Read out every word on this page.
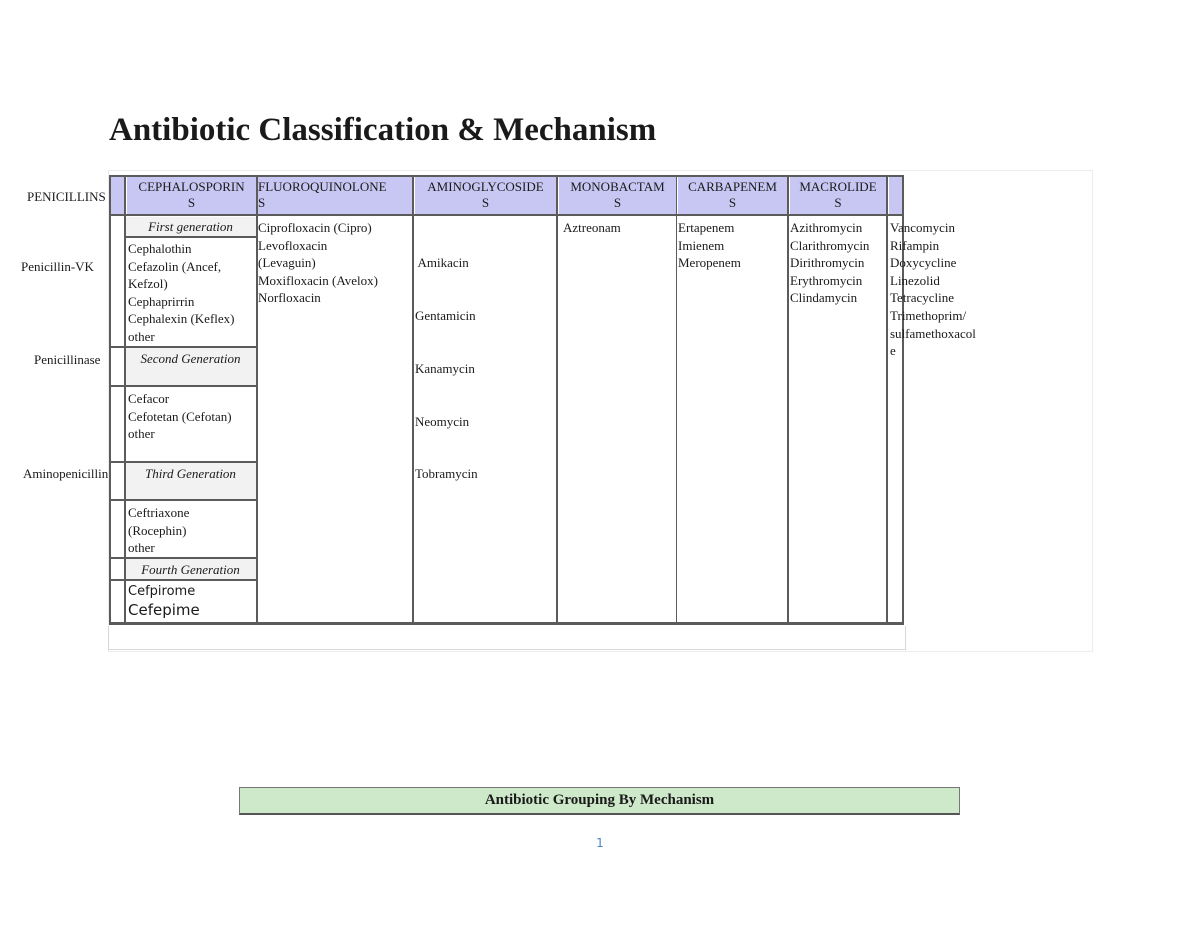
Antibiotic Classification & Mechanism
First generation
Second Generation
Third Generation
Fourth Generation
CEPHALOSPORIN
S
FLUOROQUINOLONE
S
AMINOGLYCOSIDE
S
MONOBACTAM
S
CARBAPENEM
S
MACROLIDE
S
PENICILLINS
Penicillin-VK
Penicillinase
Aminopenicillin
Cephalothin
Cefazolin (Ancef,
Kefzol)
Cephaprirrin
Cephalexin (Keflex)
other
Cefacor
Cefotetan (Cefotan)
other
Ceftriaxone
(Rocephin)
other
Cefpirome
Cefepime
Ciprofloxacin (Cipro)
Levofloxacin
(Levaguin)
Moxifloxacin (Avelox)
Norfloxacin

Amikacin

Gentamicin

Kanamycin

Neomycin

Tobramycin

Aztreonam	Ertapenem
Imienem
Meropenem
Azithromycin
Clarithromycin
Dirithromycin
Erythromycin
Clindamycin
Vancomycin
Rifampin
Doxycycline
Linezolid
Tetracycline
Trimethoprim/
sulfamethoxacol
e
Antibiotic Grouping By Mechanism
1
